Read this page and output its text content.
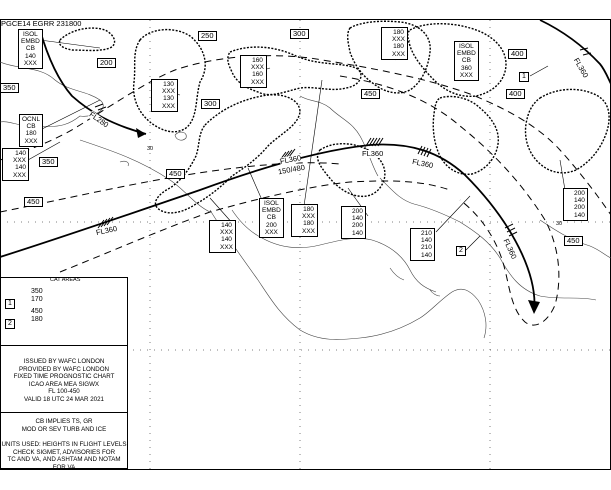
30
30
PGCE14 EGRR 231800
ISOL
EMBD
CB
140
XXX
OCNL
CB
180
XXX
140
XXX
140
XXX
130
XXX
130
XXX
160
XXX
160
XXX
180
XXX
180
XXX
ISOL
EMBD
CB
360
XXX
ISOL
EMBD
CB
200
XXX
140
XXX
140
XXX
180
XXX
180
XXX
200
140
200
140	210
140
210
140
200
140
200
140
250	300
200
350
300
350
450
450
400
400
450
450
FL280
FL360
FL360
150/480
FL360
FL360
FL360
FL360
1
2
1
350
170
2
450
180
ISSUED BY WAFC LONDON
PROVIDED BY WAFC LONDON
FIXED TIME PROGNOSTIC CHART
ICAO AREA MEA SIGWX
FL 100-450
VALID 18 UTC 24 MAR 2021
CB IMPLIES TS, GR
MOD OR SEV TURB AND ICE
UNITS USED: HEIGHTS IN FLIGHT LEVELS
CHECK SIGMET, ADVISORIES FOR
TC AND VA, AND ASHTAM AND NOTAM FOR VA
CAT AREAS
